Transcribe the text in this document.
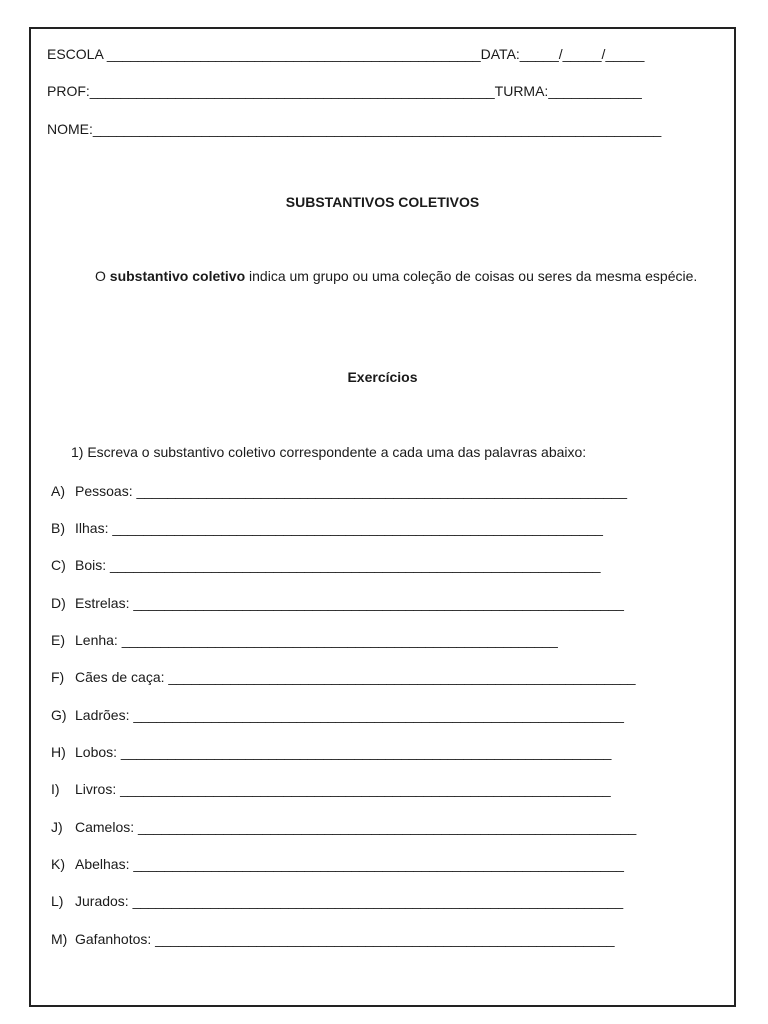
ESCOLA ________________________________________________DATA:_____/_____/_____
PROF:____________________________________________________TURMA:____________
NOME:_________________________________________________________________________
SUBSTANTIVOS COLETIVOS
O substantivo coletivo indica um grupo ou uma coleção de coisas ou seres da mesma espécie.
Exercícios
1) Escreva o substantivo coletivo correspondente a cada uma das palavras abaixo:
A) Pessoas: _______________________________________________________________
B) Ilhas: _______________________________________________________________
C) Bois: _______________________________________________________________
D) Estrelas: _______________________________________________________________
E) Lenha: ________________________________________________________
F) Cães de caça: ____________________________________________________________
G) Ladrões: _______________________________________________________________
H) Lobos: _______________________________________________________________
I) Livros: _______________________________________________________________
J) Camelos: ________________________________________________________________
K) Abelhas: _______________________________________________________________
L) Jurados: _______________________________________________________________
M) Gafanhotos: ___________________________________________________________
